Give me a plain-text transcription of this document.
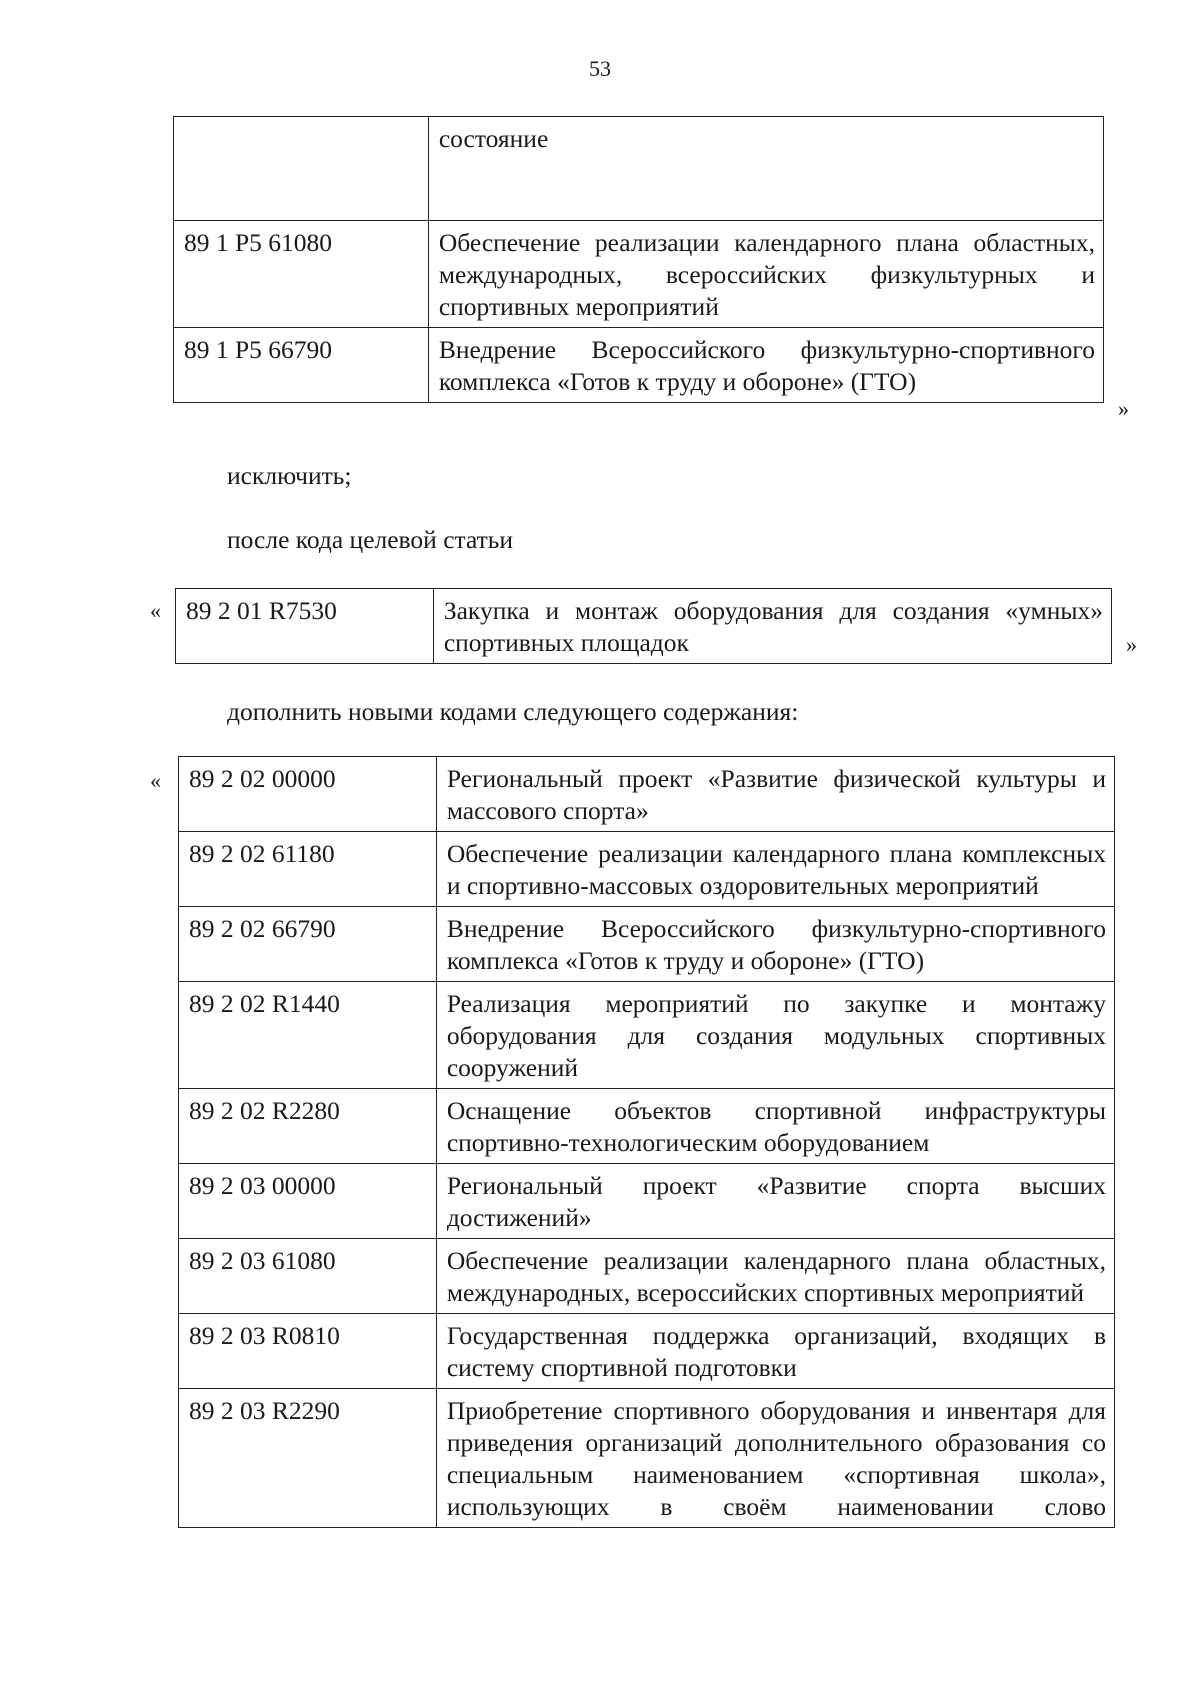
53
	состояние
89 1 P5 61080	Обеспечение реализации календарного плана областных, международных, всероссийских физкультурных и спортивных мероприятий
89 1 P5 66790	Внедрение Всероссийского физкультурно-спортивного комплекса «Готов к труду и обороне» (ГТО)
»
исключить;
после кода целевой статьи
« 89 2 01 R7530	Закупка и монтаж оборудования для создания «умных» спортивных площадок	»
дополнить новыми кодами следующего содержания:
« 89 2 02 00000	Региональный проект «Развитие физической культуры и массового спорта»
89 2 02 61180	Обеспечение реализации календарного плана комплексных и спортивно-массовых оздоровительных мероприятий
89 2 02 66790	Внедрение Всероссийского физкультурно-спортивного комплекса «Готов к труду и обороне» (ГТО)
89 2 02 R1440	Реализация мероприятий по закупке и монтажу оборудования для создания модульных спортивных сооружений
89 2 02 R2280	Оснащение объектов спортивной инфраструктуры спортивно-технологическим оборудованием
89 2 03 00000	Региональный проект «Развитие спорта высших достижений»
89 2 03 61080	Обеспечение реализации календарного плана областных, международных, всероссийских спортивных мероприятий
89 2 03 R0810	Государственная поддержка организаций, входящих в систему спортивной подготовки
89 2 03 R2290	Приобретение спортивного оборудования и инвентаря для приведения организаций дополнительного образования со специальным наименованием «спортивная школа», использующих в своём наименовании слово
